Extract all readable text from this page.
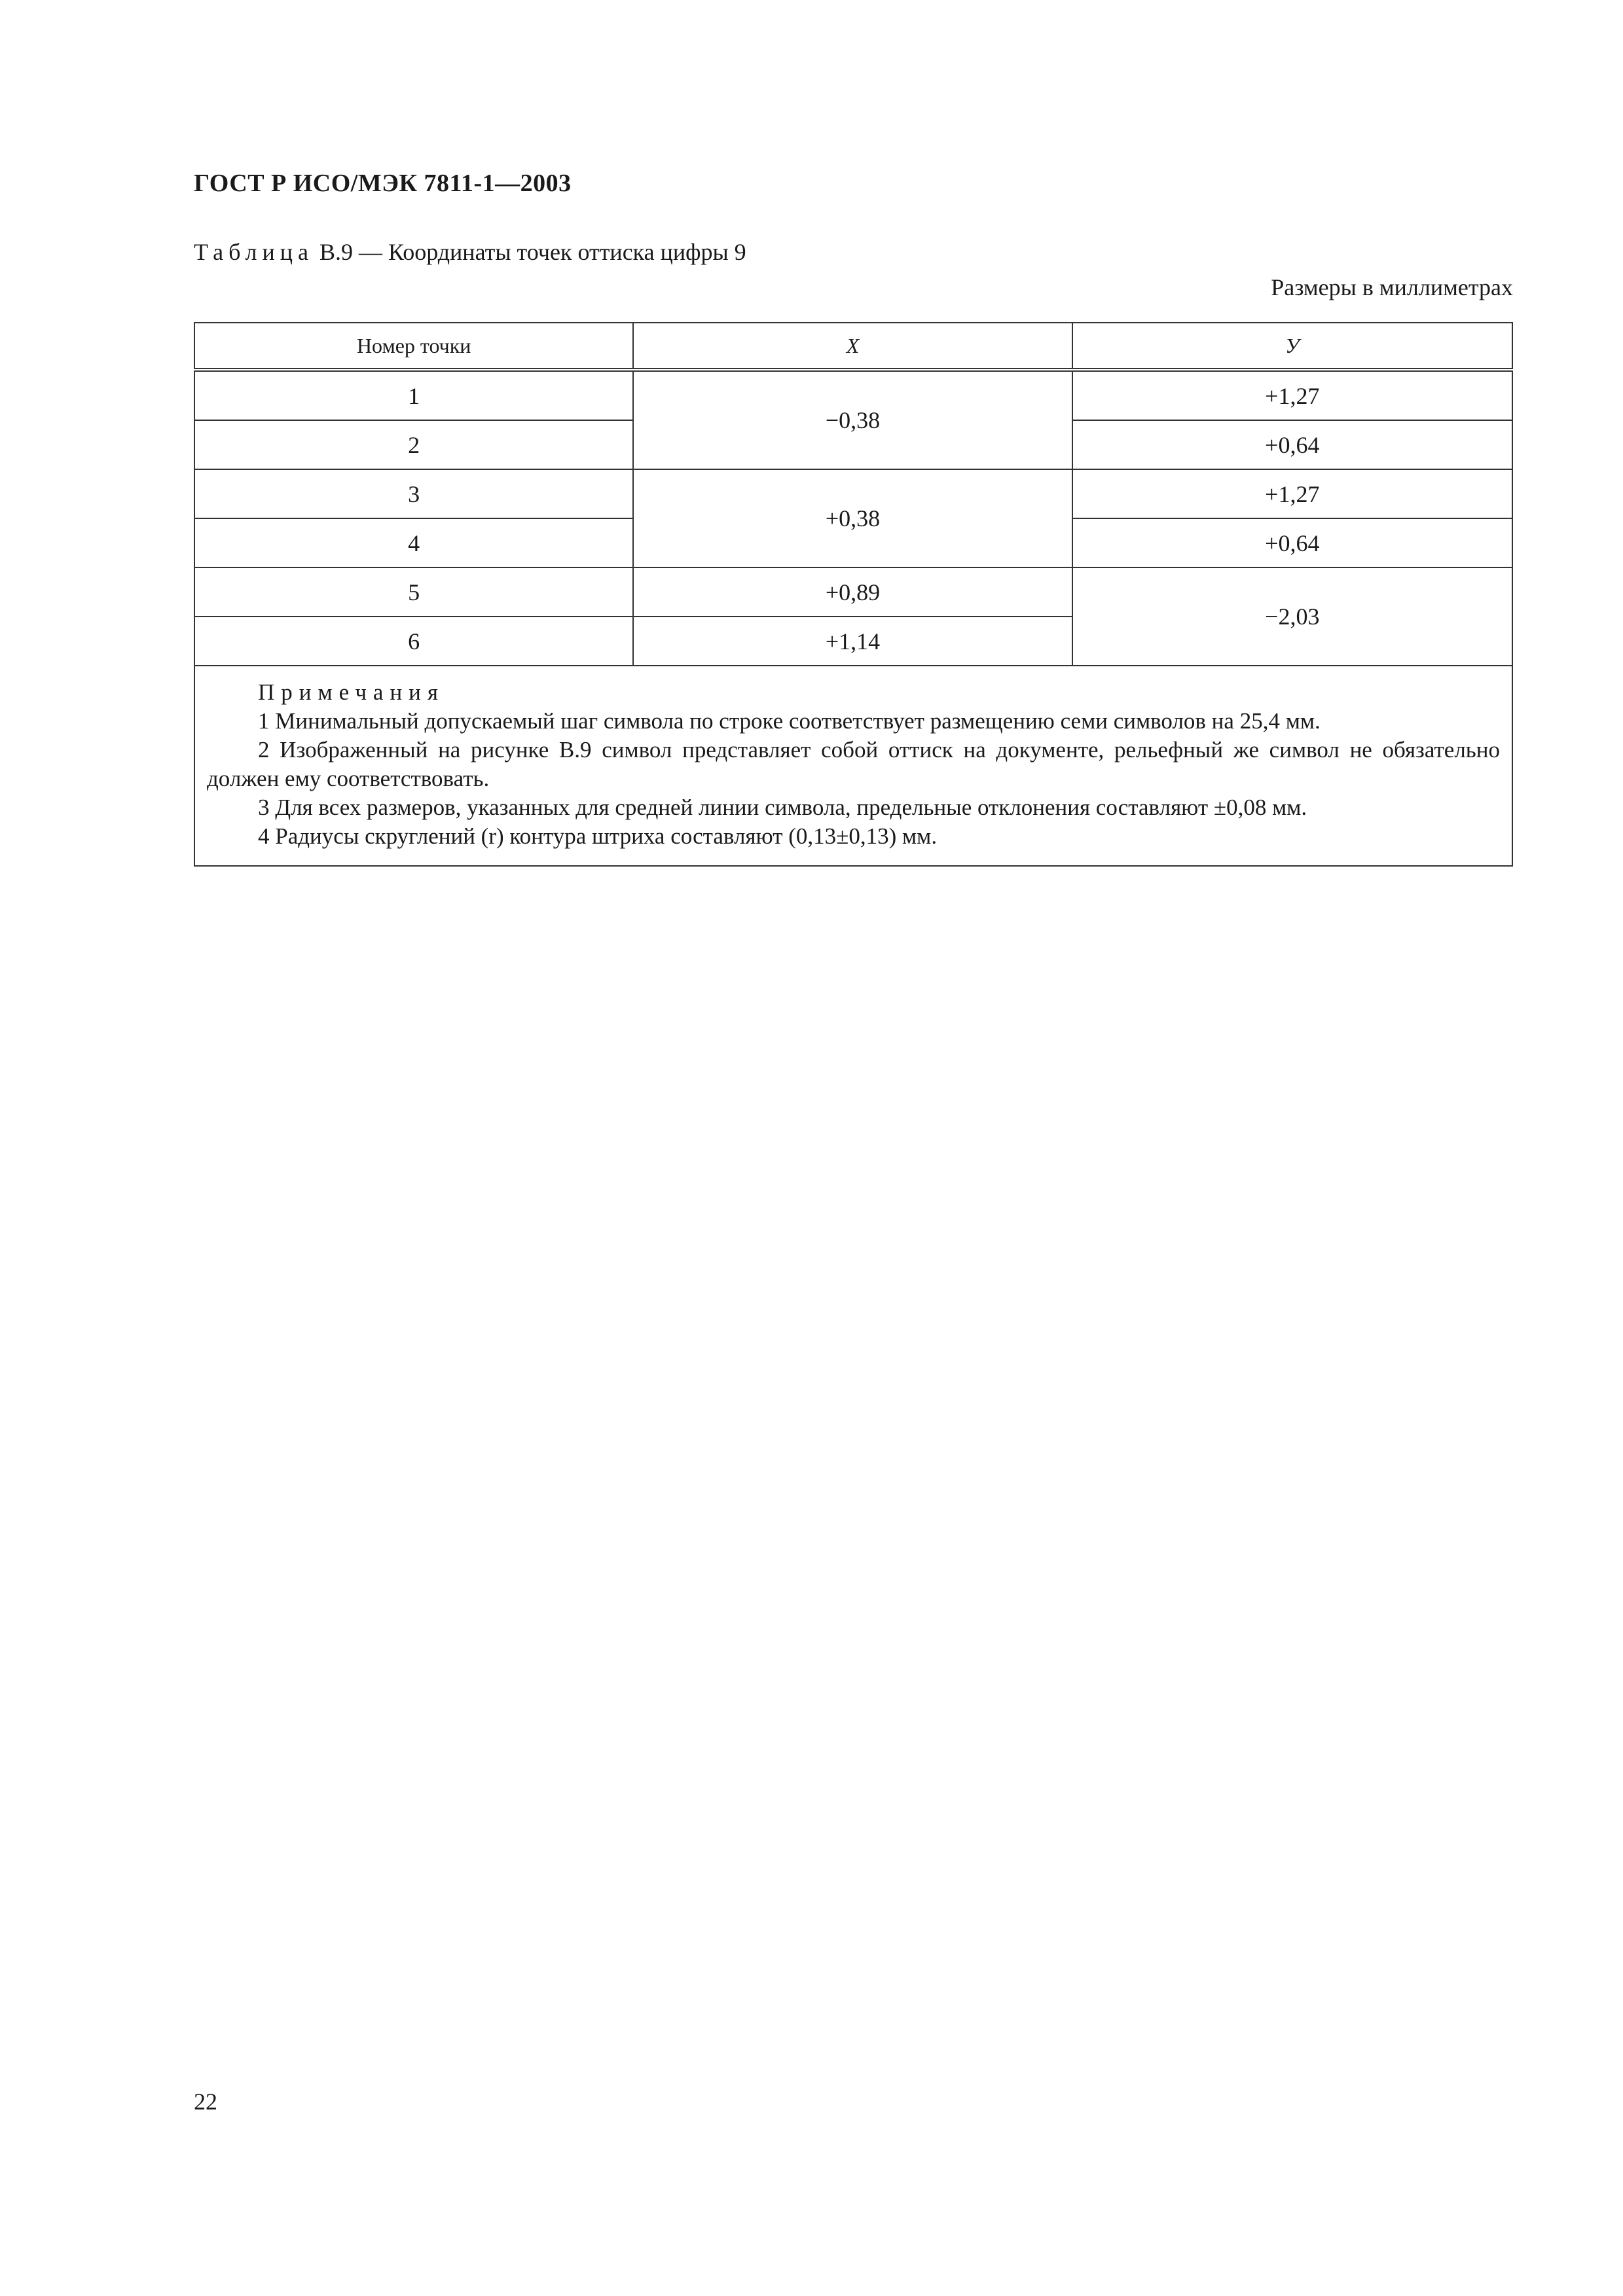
ГОСТ Р ИСО/МЭК 7811-1—2003
Таблица B.9 — Координаты точек оттиска цифры 9
Размеры в миллиметрах
Номер точки	X	У
1	−0,38	+1,27
2		+0,64
3	+0,38	+1,27
4		+0,64
5	+0,89	−2,03
6	+1,14	
Примечания
1 Минимальный допускаемый шаг символа по строке соответствует размещению семи символов на 25,4 мм.
2 Изображенный на рисунке B.9 символ представляет собой оттиск на документе, рельефный же символ не обязательно должен ему соответствовать.
3 Для всех размеров, указанных для средней линии символа, предельные отклонения составляют ±0,08 мм.
4 Радиусы скруглений (r) контура штриха составляют (0,13±0,13) мм.
22
